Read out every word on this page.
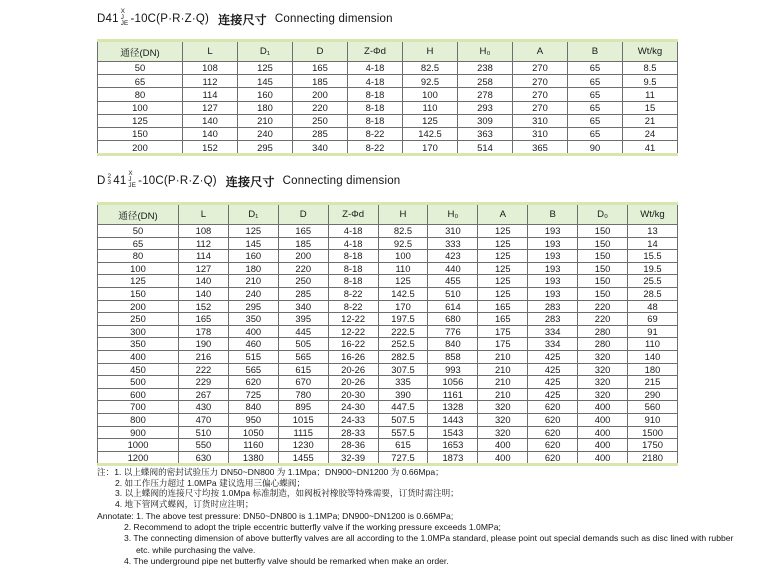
D41
X
J
JE -10C(P·R·Z·Q) 连接尺寸 Connecting dimension
通径(DN)	L	D₁	D	Z-Φd	H	H₀	A	B	Wt/kg
50	108	125	165	4-18	82.5	238	270	65	8.5
65	112	145	185	4-18	92.5	258	270	65	9.5
80	114	160	200	8-18	100	278	270	65	11
100	127	180	220	8-18	110	293	270	65	15
125	140	210	250	8-18	125	309	310	65	21
150	140	240	285	8-22	142.5	363	310	65	24
200	152	295	340	8-22	170	514	365	90	41
D 2
3 41
X
J
JE -10C(P·R·Z·Q) 连接尺寸 Connecting dimension
通径(DN)	L	D₁	D	Z-Φd	H	H₀	A	B	D₀	Wt/kg
50	108	125	165	4-18	82.5	310	125	193	150	13
65	112	145	185	4-18	92.5	333	125	193	150	14
80	114	160	200	8-18	100	423	125	193	150	15.5
100	127	180	220	8-18	110	440	125	193	150	19.5
125	140	210	250	8-18	125	455	125	193	150	25.5
150	140	240	285	8-22	142.5	510	125	193	150	28.5
200	152	295	340	8-22	170	614	165	283	220	48
250	165	350	395	12-22	197.5	680	165	283	220	69
300	178	400	445	12-22	222.5	776	175	334	280	91
350	190	460	505	16-22	252.5	840	175	334	280	110
400	216	515	565	16-26	282.5	858	210	425	320	140
450	222	565	615	20-26	307.5	993	210	425	320	180
500	229	620	670	20-26	335	1056	210	425	320	215
600	267	725	780	20-30	390	1161	210	425	320	290
700	430	840	895	24-30	447.5	1328	320	620	400	560
800	470	950	1015	24-33	507.5	1443	320	620	400	910
900	510	1050	1115	28-33	557.5	1543	320	620	400	1500
1000	550	1160	1230	28-36	615	1653	400	620	400	1750
1200	630	1380	1455	32-39	727.5	1873	400	620	400	2180
注：1. 以上蝶阀的密封试验压力 DN50~DN800 为 1.1Mpa；DN900~DN1200 为 0.66Mpa；
2. 如工作压力超过 1.0MPa 建议选用三偏心蝶阀；
3. 以上蝶阀的连接尺寸均按 1.0Mpa 标准制造，如阀板衬橡胶等特殊需要，订货时需注明；
4. 地下管网式蝶阀，订货时应注明；
Annotate: 1. The above test pressure: DN50~DN800 is 1.1MPa; DN900~DN1200 is 0.66MPa;
2. Recommend to adopt the triple eccentric butterfly valve if the working pressure exceeds 1.0MPa;
3. The connecting dimension of above butterfly valves are all according to the 1.0MPa standard, please point out special demands such as disc lined with rubber
etc. while purchasing the valve.
4. The underground pipe net butterfly valve should be remarked when make an order.
